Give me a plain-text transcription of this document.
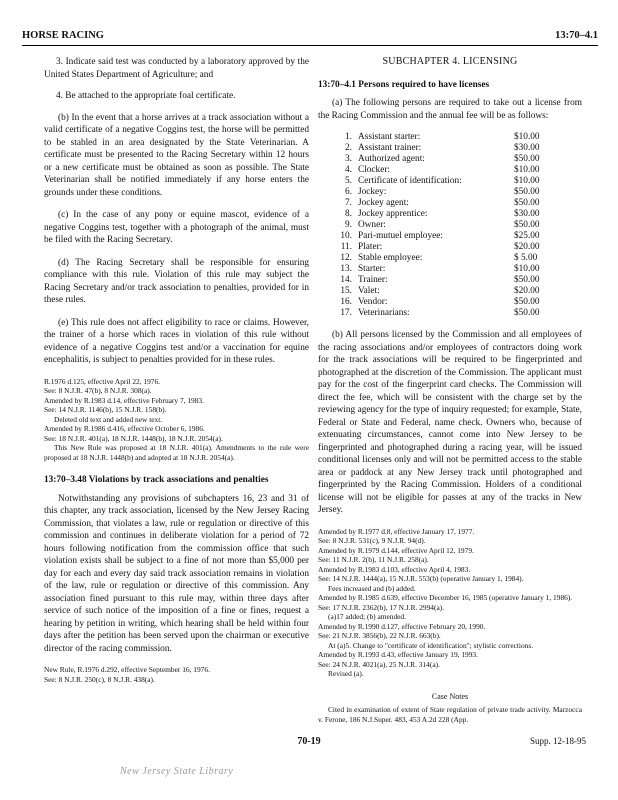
HORSE RACING	13:70–4.1
3. Indicate said test was conducted by a laboratory approved by the United States Department of Agriculture; and
4. Be attached to the appropriate foal certificate.

(b) In the event that a horse arrives at a track association without a valid certificate of a negative Coggins test, the horse will be permitted to be stabled in an area designated by the State Veterinarian. A certificate must be presented to the Racing Secretary within 12 hours or a new certificate must be obtained as soon as possible. The State Veterinarian shall be notified immediately if any horse enters the grounds under these conditions.

(c) In the case of any pony or equine mascot, evidence of a negative Coggins test, together with a photograph of the animal, must be filed with the Racing Secretary.

(d) The Racing Secretary shall be responsible for ensuring compliance with this rule. Violation of this rule may subject the Racing Secretary and/or track association to penalties, provided for in these rules.

(e) This rule does not affect eligibility to race or claims. However, the trainer of a horse which races in violation of this rule without evidence of a negative Coggins test and/or a vaccination for equine encephalitis, is subject to penalties provided for in these rules.

R.1976 d.125, effective April 22, 1976.

See: 8 N.J.R. 47(b), 8 N.J.R. 308(a).

Amended by R.1983 d.14, effective February 7, 1983.

See: 14 N.J.R. 1146(b), 15 N.J.R. 158(b).

Deleted old text and added new text.

Amended by R.1986 d.416, effective October 6, 1986.

See: 18 N.J.R. 401(a), 18 N.J.R. 1448(b), 18 N.J.R. 2054(a).

This New Rule was proposed at 18 N.J.R. 401(a). Amendments to the rule were proposed at 18 N.J.R. 1448(b) and adopted at 18 N.J.R. 2054(a).

13:70–3.48 Violations by track associations and penalties

Notwithstanding any provisions of subchapters 16, 23 and 31 of this chapter, any track association, licensed by the New Jersey Racing Commission, that violates a law, rule or regulation or directive of this commission and continues in deliberate violation for a period of 72 hours following notification from the commission office that such violation exists shall be subject to a fine of not more than $5,000 per day for each and every day said track association remains in violation of the law, rule or regulation or directive of this commission. Any association fined pursuant to this rule may, within three days after service of such notice of the imposition of a fine or fines, request a hearing by petition in writing, which hearing shall be held within four days after the petition has been served upon the chairman or executive director of the racing commission.

New Rule, R.1976 d.292, effective September 16, 1976.

See: 8 N.J.R. 250(c), 8 N.J.R. 438(a).

SUBCHAPTER 4. LICENSING
13:70–4.1 Persons required to have licenses

(a) The following persons are required to take out a license from the Racing Commission and the annual fee will be as follows:

1.	Assistant starter:	$10.00
2.	Assistant trainer:	$30.00
3.	Authorized agent:	$50.00
4.	Clocker:	$10.00
5.	Certificate of identification:	$10.00
6.	Jockey:	$50.00
7.	Jockey agent:	$50.00
8.	Jockey apprentice:	$30.00
9.	Owner:	$50.00
10.	Pari-mutuel employee:	$25.00
11.	Plater:	$20.00
12.	Stable employee:	$ 5.00
13.	Starter:	$10.00
14.	Trainer:	$50.00
15.	Valet:	$20.00
16.	Vendor:	$50.00
17.	Veterinarians:	$50.00

(b) All persons licensed by the Commission and all employees of the racing associations and/or employees of contractors doing work for the track associations will be required to be fingerprinted and photographed at the discretion of the Commission. The applicant must pay for the cost of the fingerprint card checks. The Commission will direct the fee, which will be consistent with the charge set by the reviewing agency for the type of inquiry requested; for example, State, Federal or State and Federal, name check. Owners who, because of extenuating circumstances, cannot come into New Jersey to be fingerprinted and photographed during a racing year, will be issued conditional licenses only and will not be permitted access to the stable area or paddock at any New Jersey track until photographed and fingerprinted by the Racing Commission. Holders of a conditional license will not be eligible for passes at any of the tracks in New Jersey.

Amended by R.1977 d.8, effective January 17, 1977.

See: 8 N.J.R. 531(c), 9 N.J.R. 94(d).

Amended by R.1979 d.144, effective April 12, 1979.

See: 11 N.J.R. 2(b), 11 N.J.R. 258(a).

Amended by R.1983 d.103, effective April 4, 1983.

See: 14 N.J.R. 1444(a), 15 N.J.R. 553(b) (operative January 1, 1984).

Fees increased and (b) added.

Amended by R.1985 d.639, effective December 16, 1985 (operative January 1, 1986).

See: 17 N.J.R. 2362(b), 17 N.J.R. 2994(a).

(a)17 added; (b) amended.

Amended by R.1990 d.127, effective February 20, 1990.

See: 21 N.J.R. 3856(b), 22 N.J.R. 663(b).

At (a)5. Change to "certificate of identification"; stylistic corrections.

Amended by R.1993 d.43, effective January 19, 1993.

See: 24 N.J.R. 4021(a), 25 N.J.R. 314(a).

Revised (a).

Case Notes

Cited in examination of extent of State regulation of private trade activity. Marzocca v. Ferone, 186 N.J.Super. 483, 453 A.2d 228 (App.

70-19	Supp. 12-18-95
New Jersey State Library
